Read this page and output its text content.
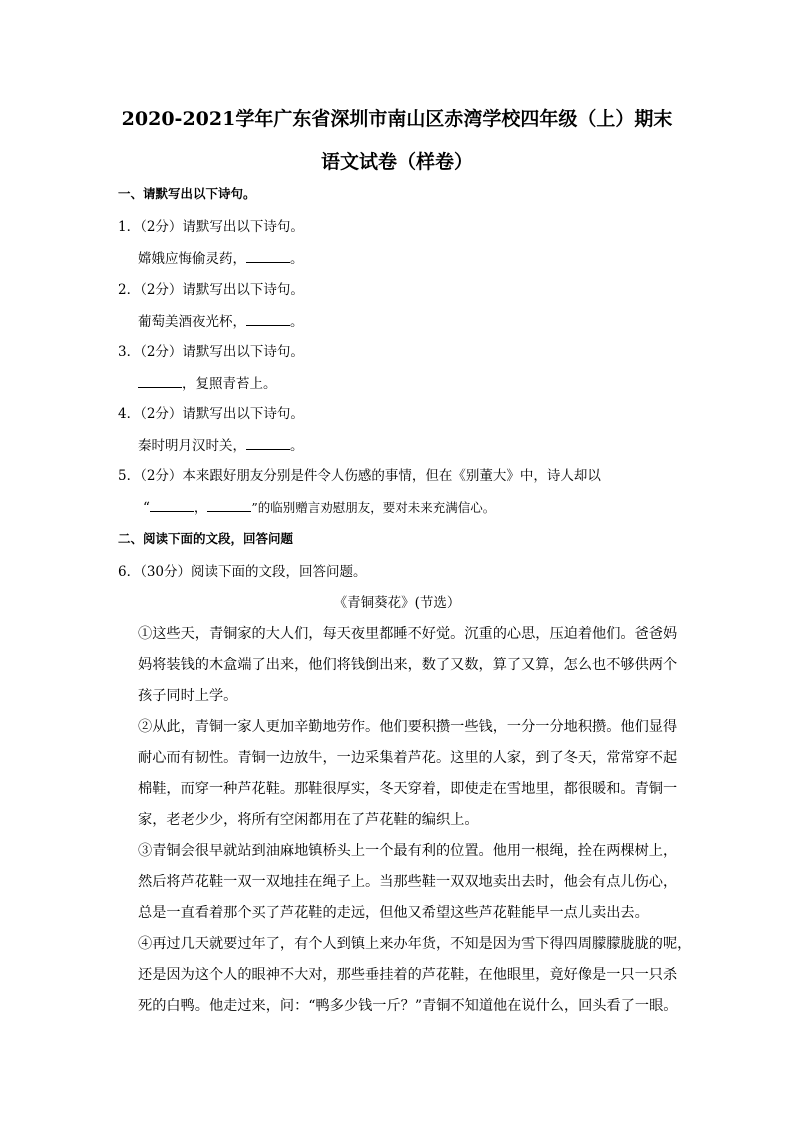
2020-2021学年广东省深圳市南山区赤湾学校四年级（上）期末
语文试卷（样卷）
一、请默写出以下诗句。
1．（2分）请默写出以下诗句。
嫦娥应悔偷灵药，	。
2．（2分）请默写出以下诗句。
葡萄美酒夜光杯，	。
3．（2分）请默写出以下诗句。
，复照青苔上。
4．（2分）请默写出以下诗句。
秦时明月汉时关，	。
5．（2分）本来跟好朋友分别是件令人伤感的事情，但在《别董大》中，诗人却以
“	，	”的临别赠言劝慰朋友，要对未来充满信心。
二、阅读下面的文段，回答问题
6．（30分）阅读下面的文段，回答问题。
《青铜葵花》(节选）
①这些天，青铜家的大人们，每天夜里都睡不好觉。沉重的心思，压迫着他们。爸爸妈
妈将装钱的木盒端了出来，他们将钱倒出来，数了又数，算了又算，怎么也不够供两个
孩子同时上学。
②从此，青铜一家人更加辛勤地劳作。他们要积攒一些钱，一分一分地积攒。他们显得
耐心而有韧性。青铜一边放牛，一边采集着芦花。这里的人家，到了冬天，常常穿不起
棉鞋，而穿一种芦花鞋。那鞋很厚实，冬天穿着，即使走在雪地里，都很暖和。青铜一
家，老老少少，将所有空闲都用在了芦花鞋的编织上。
③青铜会很早就站到油麻地镇桥头上一个最有利的位置。他用一根绳，拴在两棵树上，
然后将芦花鞋一双一双地挂在绳子上。当那些鞋一双双地卖出去时，他会有点儿伤心，
总是一直看着那个买了芦花鞋的走远，但他又希望这些芦花鞋能早一点儿卖出去。
④再过几天就要过年了，有个人到镇上来办年货，不知是因为雪下得四周朦朦胧胧的呢，
还是因为这个人的眼神不大对，那些垂挂着的芦花鞋，在他眼里，竟好像是一只一只杀
死的白鸭。他走过来，问：“鸭多少钱一斤？”青铜不知道他在说什么，回头看了一眼。
